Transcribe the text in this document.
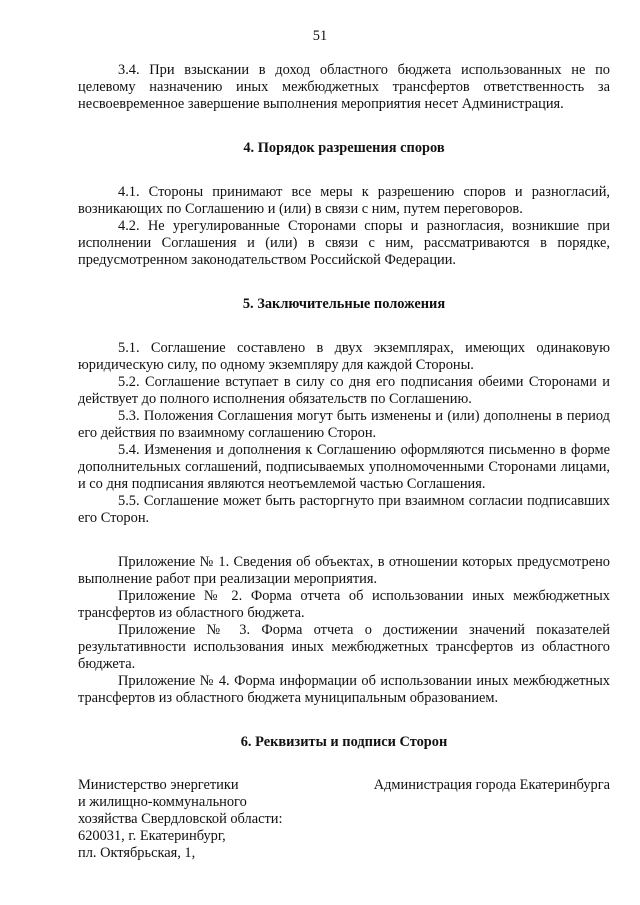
51

3.4. При взыскании в доход областного бюджета использованных не по целевому назначению иных межбюджетных трансфертов ответственность за несвоевременное завершение выполнения мероприятия несет Администрация.

4. Порядок разрешения споров

4.1. Стороны принимают все меры к разрешению споров и разногласий, возникающих по Соглашению и (или) в связи с ним, путем переговоров.

4.2. Не урегулированные Сторонами споры и разногласия, возникшие при исполнении Соглашения и (или) в связи с ним, рассматриваются в порядке, предусмотренном законодательством Российской Федерации.

5. Заключительные положения

5.1. Соглашение составлено в двух экземплярах, имеющих одинаковую юридическую силу, по одному экземпляру для каждой Стороны.

5.2. Соглашение вступает в силу со дня его подписания обеими Сторонами и действует до полного исполнения обязательств по Соглашению.

5.3. Положения Соглашения могут быть изменены и (или) дополнены в период его действия по взаимному соглашению Сторон.

5.4. Изменения и дополнения к Соглашению оформляются письменно в форме дополнительных соглашений, подписываемых уполномоченными Сторонами лицами, и со дня подписания являются неотъемлемой частью Соглашения.

5.5. Соглашение может быть расторгнуто при взаимном согласии подписавших его Сторон.

Приложение № 1. Сведения об объектах, в отношении которых предусмотрено выполнение работ при реализации мероприятия.

Приложение № 2. Форма отчета об использовании иных межбюджетных трансфертов из областного бюджета.

Приложение № 3. Форма отчета о достижении значений показателей результативности использования иных межбюджетных трансфертов из областного бюджета.

Приложение № 4. Форма информации об использовании иных межбюджетных трансфертов из областного бюджета муниципальным образованием.

6. Реквизиты и подписи Сторон

Министерство энергетики

и жилищно-коммунального

хозяйства Свердловской области:

620031, г. Екатеринбург,

пл. Октябрьская, 1,

Администрация города Екатеринбурга
